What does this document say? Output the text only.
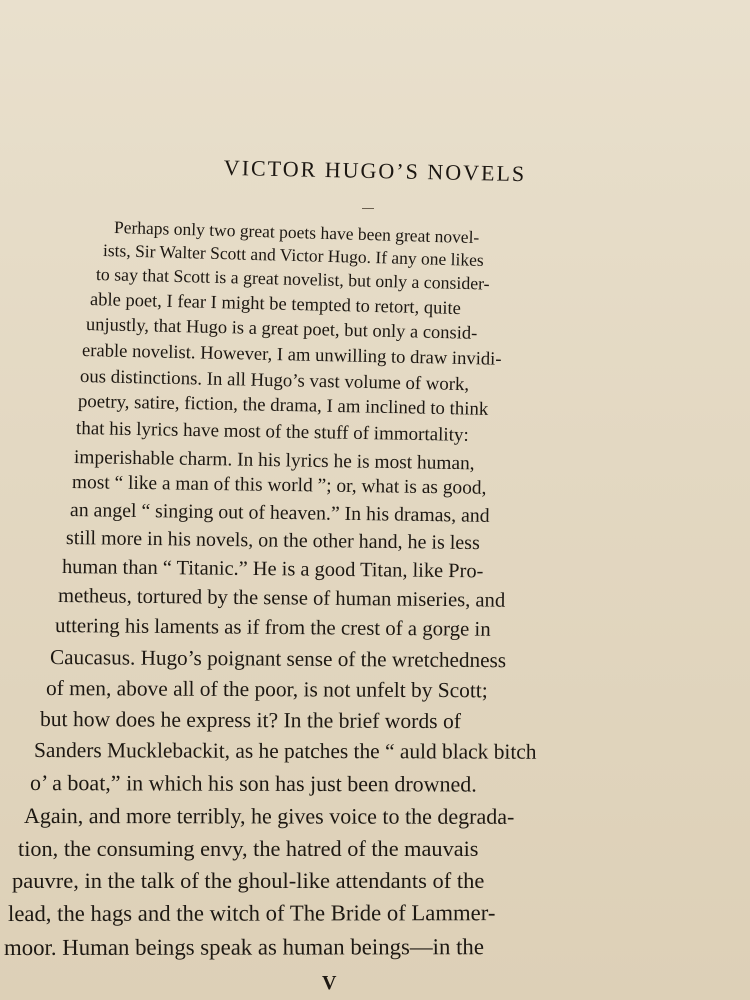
VICTOR HUGO’S NOVELS
Perhaps only two great poets have been great novel-
ists, Sir Walter Scott and Victor Hugo. If any one likes
to say that Scott is a great novelist, but only a consider-
able poet, I fear I might be tempted to retort, quite
unjustly, that Hugo is a great poet, but only a consid-
erable novelist. However, I am unwilling to draw invidi-
ous distinctions. In all Hugo’s vast volume of work,
poetry, satire, fiction, the drama, I am inclined to think
that his lyrics have most of the stuff of immortality:
imperishable charm. In his lyrics he is most human,
most “ like a man of this world ”; or, what is as good,
an angel “ singing out of heaven.” In his dramas, and
still more in his novels, on the other hand, he is less
human than “ Titanic.” He is a good Titan, like Pro-
metheus, tortured by the sense of human miseries, and
uttering his laments as if from the crest of a gorge in
Caucasus. Hugo’s poignant sense of the wretchedness
of men, above all of the poor, is not unfelt by Scott;
but how does he express it? In the brief words of
Sanders Mucklebackit, as he patches the “ auld black bitch
o’ a boat,” in which his son has just been drowned.
Again, and more terribly, he gives voice to the degrada-
tion, the consuming envy, the hatred of the mauvais
pauvre, in the talk of the ghoul-like attendants of the
lead, the hags and the witch of The Bride of Lammer-
moor. Human beings speak as human beings—in the
V
